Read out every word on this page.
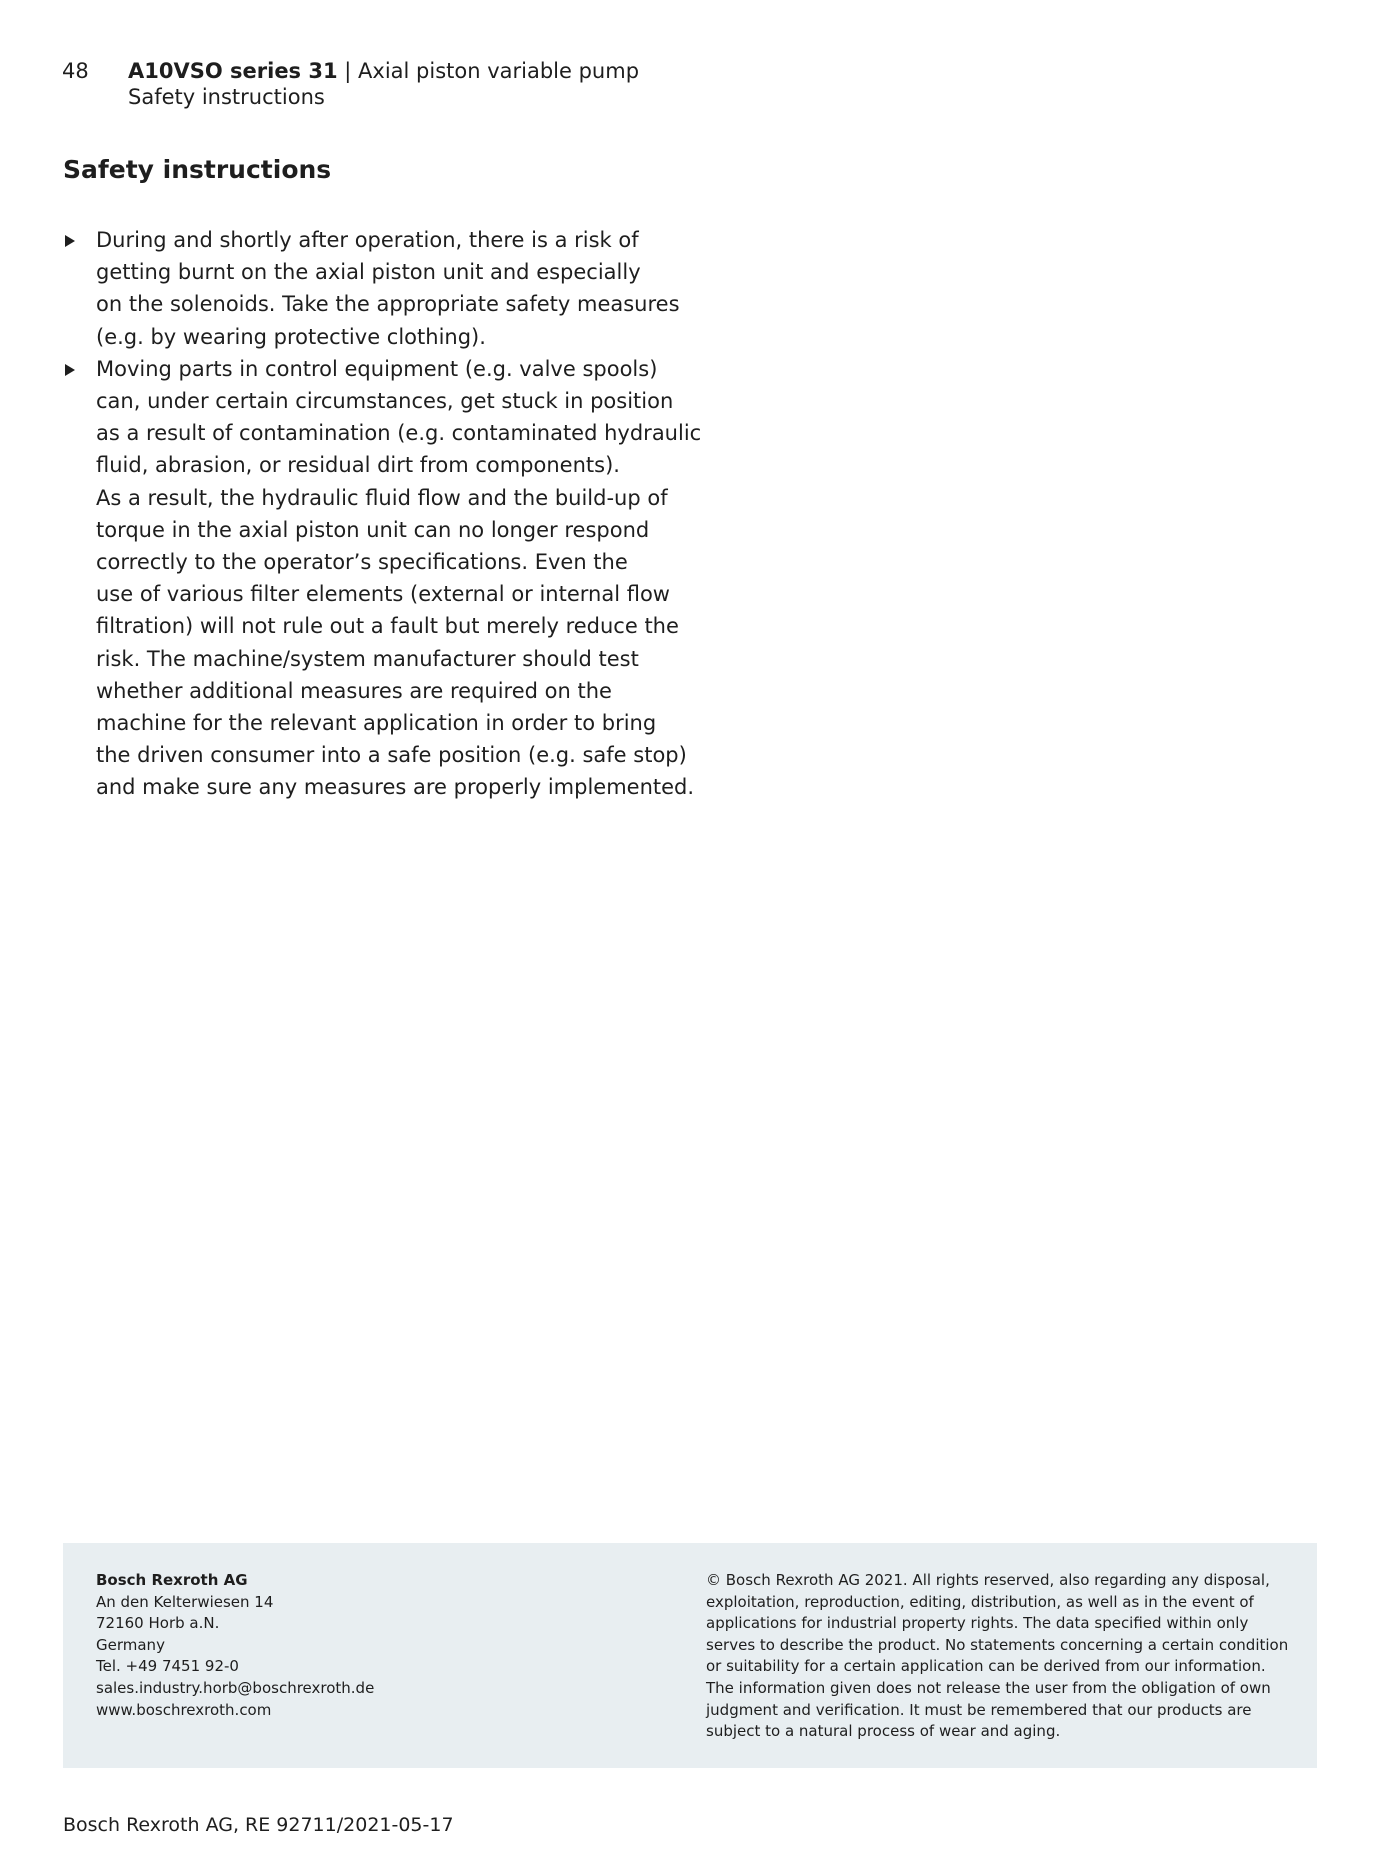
48 A10VSO series 31 | Axial piston variable pump
Safety instructions
Safety instructions
During and shortly after operation, there is a risk of
getting burnt on the axial piston unit and especially
on the solenoids. Take the appropriate safety measures
(e.g. by wearing protective clothing).
Moving parts in control equipment (e.g. valve spools)
can, under certain circumstances, get stuck in position
as a result of contamination (e.g. contaminated hydraulic
fluid, abrasion, or residual dirt from components).
As a result, the hydraulic fluid flow and the build-up of
torque in the axial piston unit can no longer respond
correctly to the operator’s specifications. Even the
use of various filter elements (external or internal flow
filtration) will not rule out a fault but merely reduce the
risk. The machine/system manufacturer should test
whether additional measures are required on the
machine for the relevant application in order to bring
the driven consumer into a safe position (e.g. safe stop)
and make sure any measures are properly implemented.
Bosch Rexroth AG
An den Kelterwiesen 14
72160 Horb a.N.
Germany
Tel. +49 7451 92-0
sales.industry.horb@boschrexroth.de
www.boschrexroth.com
© Bosch Rexroth AG 2021. All rights reserved, also regarding any disposal,
exploitation, reproduction, editing, distribution, as well as in the event of
applications for industrial property rights. The data specified within only
serves to describe the product. No statements concerning a certain condition
or suitability for a certain application can be derived from our information.
The information given does not release the user from the obligation of own
judgment and verification. It must be remembered that our products are
subject to a natural process of wear and aging.
Bosch Rexroth AG, RE 92711/2021-05-17
